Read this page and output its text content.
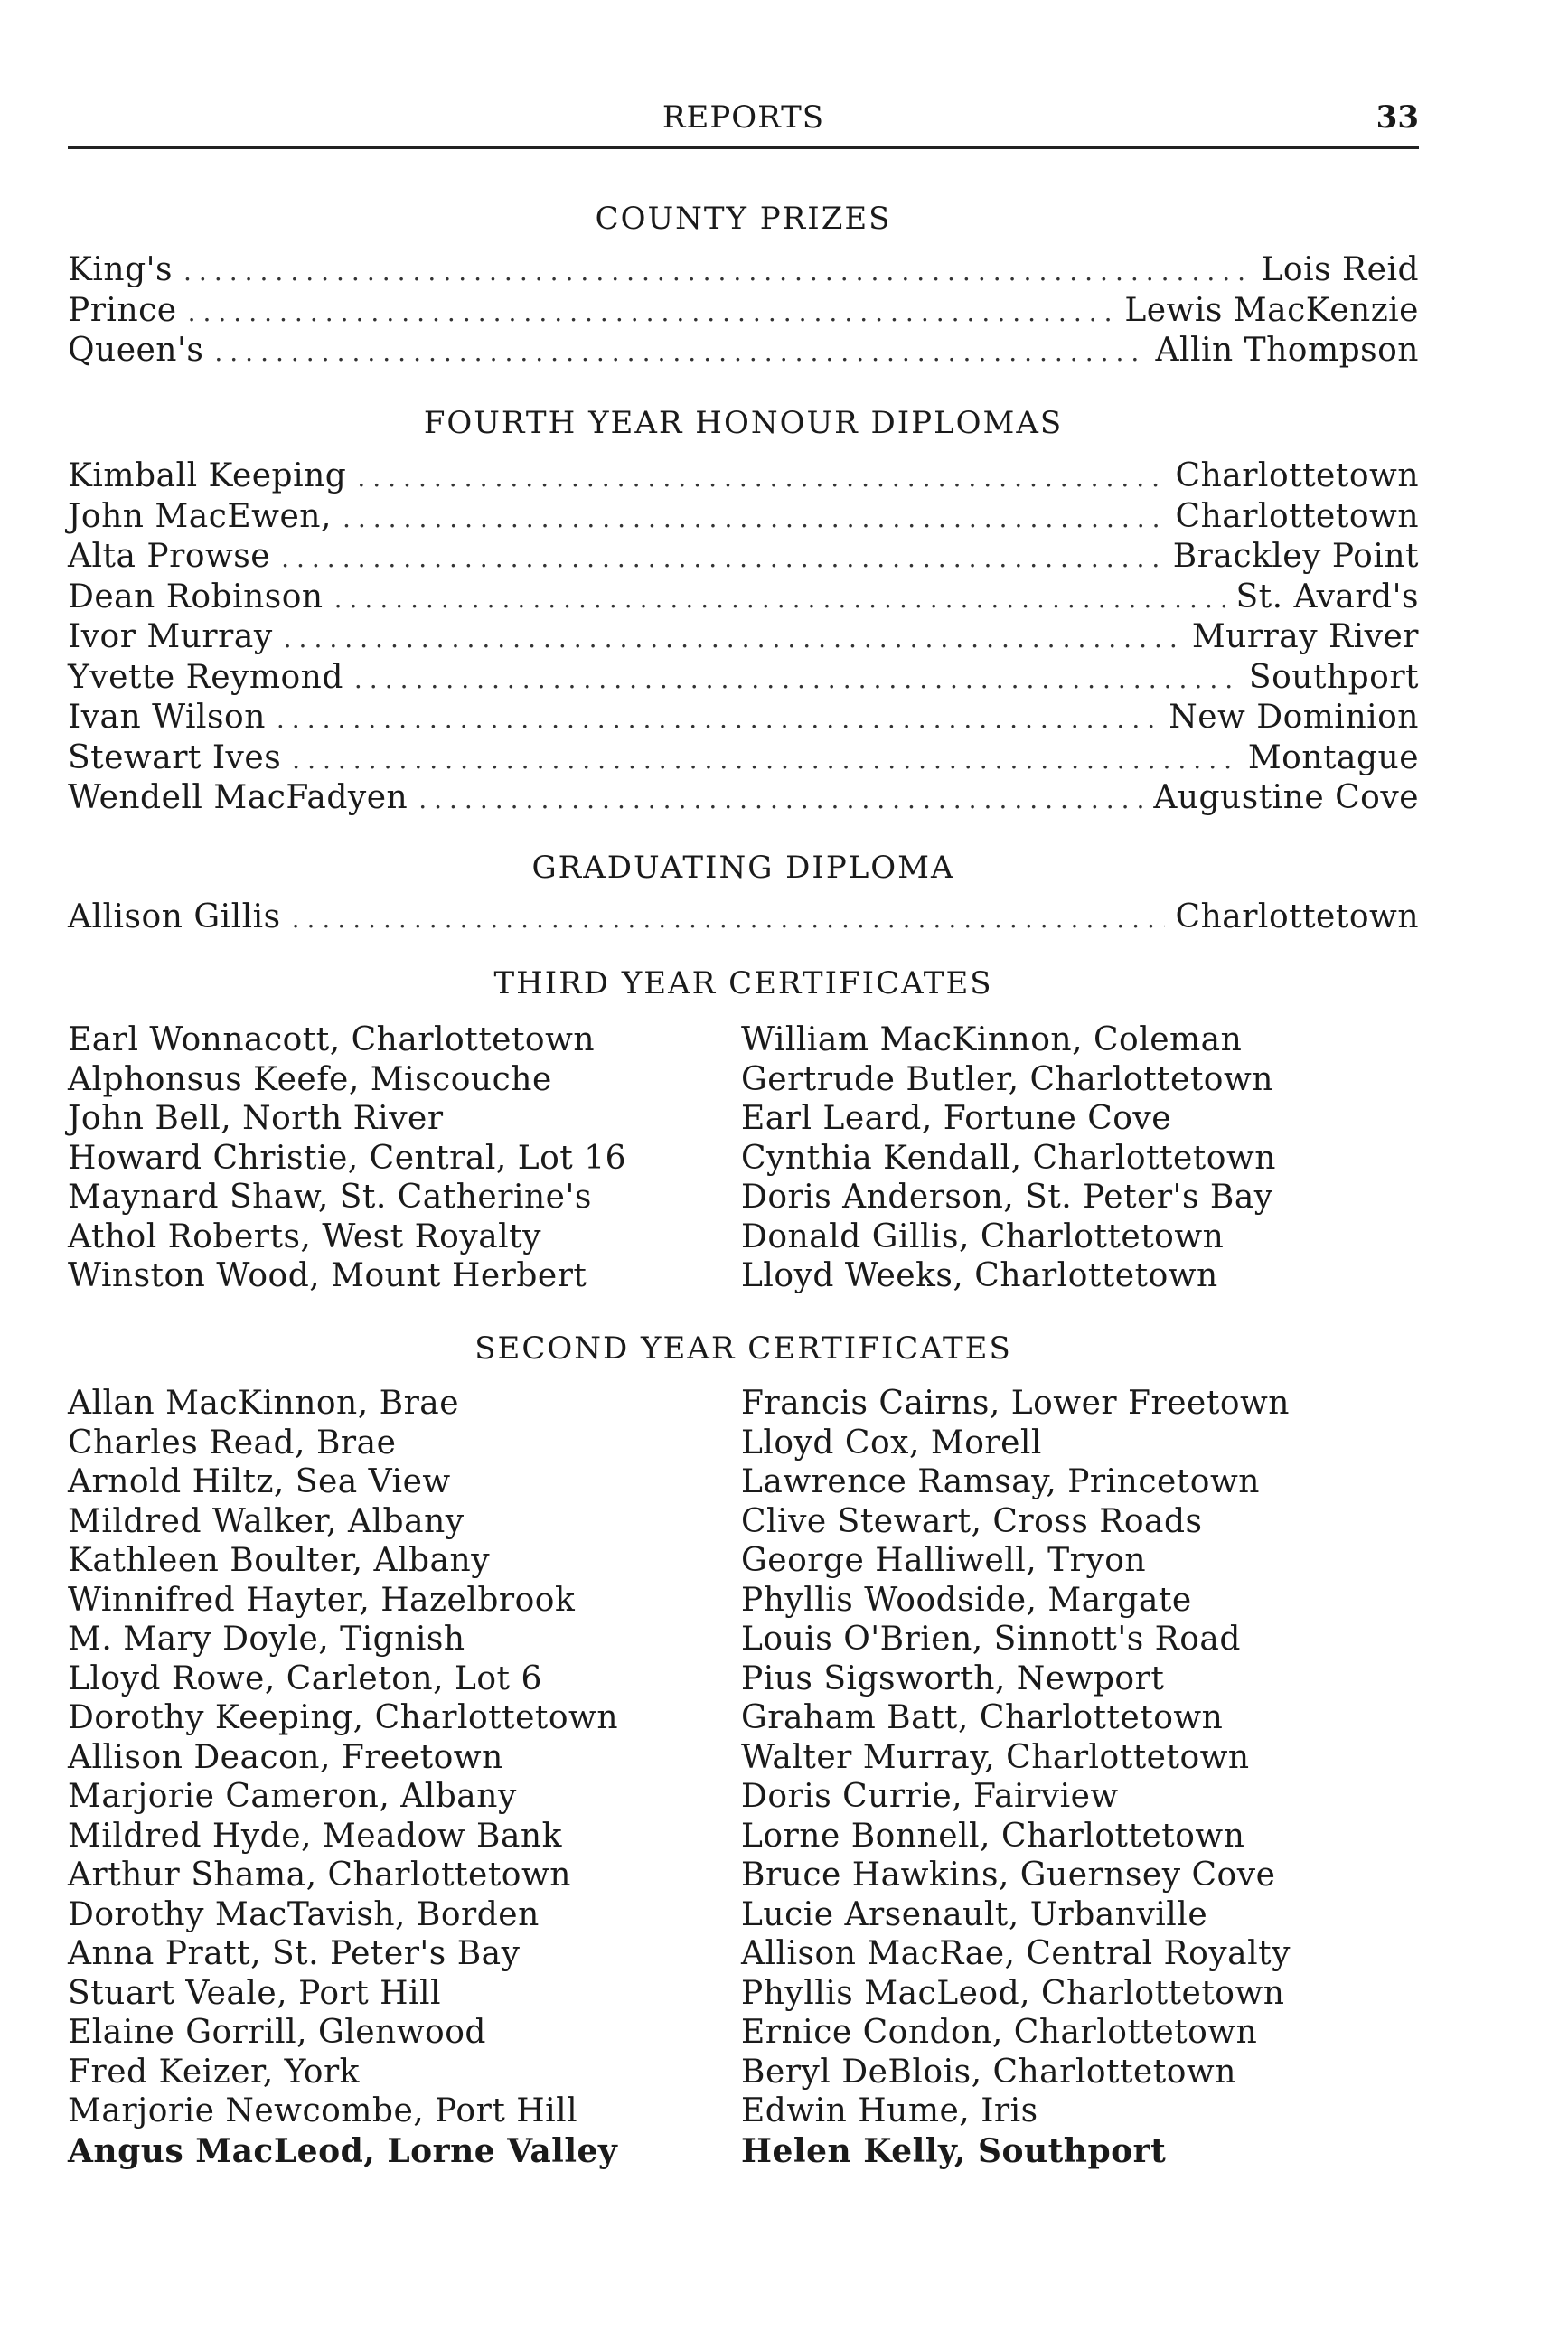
REPORTS	33
COUNTY PRIZES
King's .....	Lois Reid
Prince .....	Lewis MacKenzie
Queen's .....	Allin Thompson
FOURTH YEAR HONOUR DIPLOMAS
Kimball Keeping .....	Charlottetown
John MacEwen, .....	Charlottetown
Alta Prowse .....	Brackley Point
Dean Robinson .....	St. Avard's
Ivor Murray .....	Murray River
Yvette Reymond .....	Southport
Ivan Wilson .....	New Dominion
Stewart Ives .....	Montague
Wendell MacFadyen .....	Augustine Cove
GRADUATING DIPLOMA
Allison Gillis .....	Charlottetown
THIRD YEAR CERTIFICATES
Earl Wonnacott, Charlottetown
Alphonsus Keefe, Miscouche
John Bell, North River
Howard Christie, Central, Lot 16
Maynard Shaw, St. Catherine's
Athol Roberts, West Royalty
Winston Wood, Mount Herbert
William MacKinnon, Coleman
Gertrude Butler, Charlottetown
Earl Leard, Fortune Cove
Cynthia Kendall, Charlottetown
Doris Anderson, St. Peter's Bay
Donald Gillis, Charlottetown
Lloyd Weeks, Charlottetown
SECOND YEAR CERTIFICATES
Allan MacKinnon, Brae
Charles Read, Brae
Arnold Hiltz, Sea View
Mildred Walker, Albany
Kathleen Boulter, Albany
Winnifred Hayter, Hazelbrook
M. Mary Doyle, Tignish
Lloyd Rowe, Carleton, Lot 6
Dorothy Keeping, Charlottetown
Allison Deacon, Freetown
Marjorie Cameron, Albany
Mildred Hyde, Meadow Bank
Arthur Shama, Charlottetown
Dorothy MacTavish, Borden
Anna Pratt, St. Peter's Bay
Stuart Veale, Port Hill
Elaine Gorrill, Glenwood
Fred Keizer, York
Marjorie Newcombe, Port Hill
Angus MacLeod, Lorne Valley
Francis Cairns, Lower Freetown
Lloyd Cox, Morell
Lawrence Ramsay, Princetown
Clive Stewart, Cross Roads
George Halliwell, Tryon
Phyllis Woodside, Margate
Louis O'Brien, Sinnott's Road
Pius Sigsworth, Newport
Graham Batt, Charlottetown
Walter Murray, Charlottetown
Doris Currie, Fairview
Lorne Bonnell, Charlottetown
Bruce Hawkins, Guernsey Cove
Lucie Arsenault, Urbanville
Allison MacRae, Central Royalty
Phyllis MacLeod, Charlottetown
Ernice Condon, Charlottetown
Beryl DeBlois, Charlottetown
Edwin Hume, Iris
Helen Kelly, Southport
